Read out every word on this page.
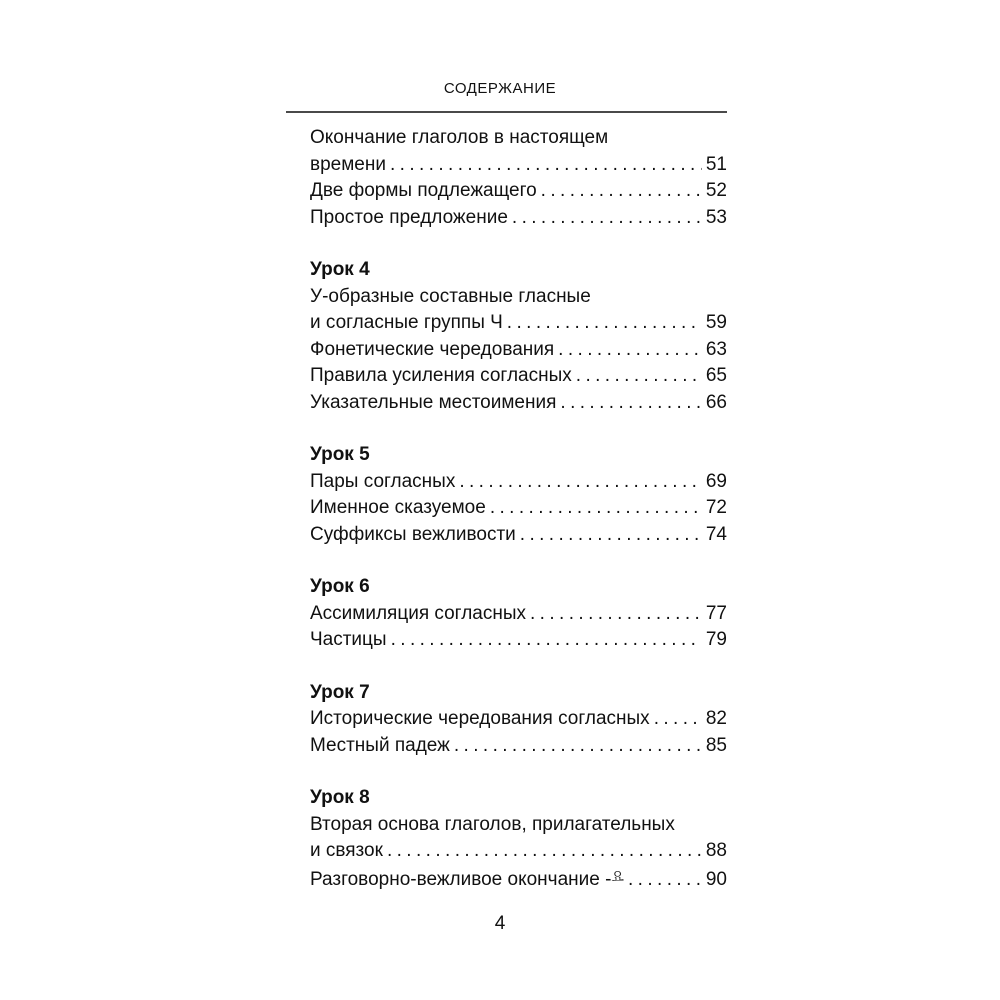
СОДЕРЖАНИЕ
Окончание глаголов в настоящем
времени .....	51
Две формы подлежащего .....	52
Простое предложение .....	53
Урок 4
У-образные составные гласные
и согласные группы Ч .....	59
Фонетические чередования .....	63
Правила усиления согласных .....	65
Указательные местоимения .....	66
Урок 5
Пары согласных .....	69
Именное сказуемое .....	72
Суффиксы вежливости .....	74
Урок 6
Ассимиляция согласных .....	77
Частицы .....	79
Урок 7
Исторические чередования согласных .....	82
Местный падеж .....	85
Урок 8
Вторая основа глаголов, прилагательных
и связок .....	88
Разговорно-вежливое окончание -요 .....	90
4
